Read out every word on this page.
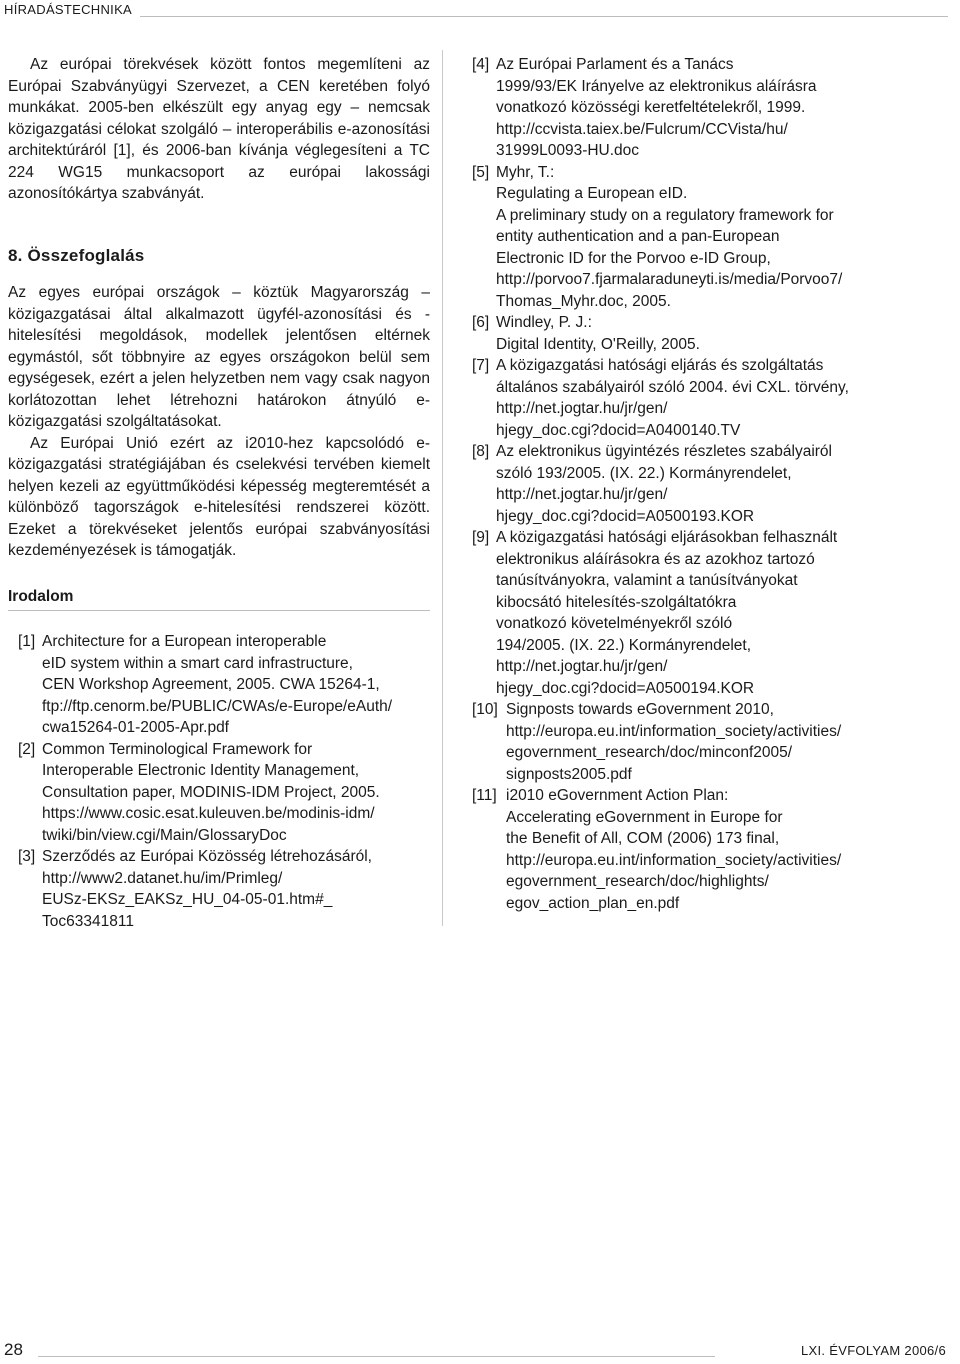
HÍRADÁSTECHNIKA

Az európai törekvések között fontos megemlíteni az Európai Szabványügyi Szervezet, a CEN keretében folyó munkákat. 2005-ben elkészült egy anyag egy – nemcsak közigazgatási célokat szolgáló – interoperábilis e-azonosítási architektúráról [1], és 2006-ban kívánja véglegesíteni a TC 224 WG15 munkacsoport az európai lakossági azonosítókártya szabványát.

8. Összefoglalás

Az egyes európai országok – köztük Magyarország – közigazgatásai által alkalmazott ügyfél-azonosítási és -hitelesítési megoldások, modellek jelentősen eltérnek egymástól, sőt többnyire az egyes országokon belül sem egységesek, ezért a jelen helyzetben nem vagy csak nagyon korlátozottan lehet létrehozni határokon átnyúló e-közigazgatási szolgáltatásokat.

Az Európai Unió ezért az i2010-hez kapcsolódó e-közigazgatási stratégiájában és cselekvési tervében kiemelt helyen kezeli az együttműködési képesség megteremtését a különböző tagországok e-hitelesítési rendszerei között. Ezeket a törekvéseket jelentős európai szabványosítási kezdeményezések is támogatják.

Irodalom
[1] Architecture for a European interoperable
eID system within a smart card infrastructure,
CEN Workshop Agreement, 2005. CWA 15264-1,
ftp://ftp.cenorm.be/PUBLIC/CWAs/e-Europe/eAuth/
cwa15264-01-2005-Apr.pdf
[2] Common Terminological Framework for
Interoperable Electronic Identity Management,
Consultation paper, MODINIS-IDM Project, 2005.
https://www.cosic.esat.kuleuven.be/modinis-idm/
twiki/bin/view.cgi/Main/GlossaryDoc
[3] Szerződés az Európai Közösség létrehozásáról,
http://www2.datanet.hu/im/Primleg/
EUSz-EKSz_EAKSz_HU_04-05-01.htm#_
Toc63341811
[4] Az Európai Parlament és a Tanács
1999/93/EK Irányelve az elektronikus aláírásra
vonatkozó közösségi keretfeltételekről, 1999.
http://ccvista.taiex.be/Fulcrum/CCVista/hu/
31999L0093-HU.doc
[5] Myhr, T.:
Regulating a European eID.
A preliminary study on a regulatory framework for
entity authentication and a pan-European
Electronic ID for the Porvoo e-ID Group,
http://porvoo7.fjarmalaraduneyti.is/media/Porvoo7/
Thomas_Myhr.doc, 2005.
[6] Windley, P. J.:
Digital Identity, O'Reilly, 2005.
[7] A közigazgatási hatósági eljárás és szolgáltatás
általános szabályairól szóló 2004. évi CXL. törvény,
http://net.jogtar.hu/jr/gen/
hjegy_doc.cgi?docid=A0400140.TV
[8] Az elektronikus ügyintézés részletes szabályairól
szóló 193/2005. (IX. 22.) Kormányrendelet,
http://net.jogtar.hu/jr/gen/
hjegy_doc.cgi?docid=A0500193.KOR
[9] A közigazgatási hatósági eljárásokban felhasznált
elektronikus aláírásokra és az azokhoz tartozó
tanúsítványokra, valamint a tanúsítványokat
kibocsátó hitelesítés-szolgáltatókra
vonatkozó követelményekről szóló
194/2005. (IX. 22.) Kormányrendelet,
http://net.jogtar.hu/jr/gen/
hjegy_doc.cgi?docid=A0500194.KOR
[10] Signposts towards eGovernment 2010,
http://europa.eu.int/information_society/activities/
egovernment_research/doc/minconf2005/
signposts2005.pdf
[11] i2010 eGovernment Action Plan:
Accelerating eGovernment in Europe for
the Benefit of All, COM (2006) 173 final,
http://europa.eu.int/information_society/activities/
egovernment_research/doc/highlights/
egov_action_plan_en.pdf
28	LXI. ÉVFOLYAM 2006/6
